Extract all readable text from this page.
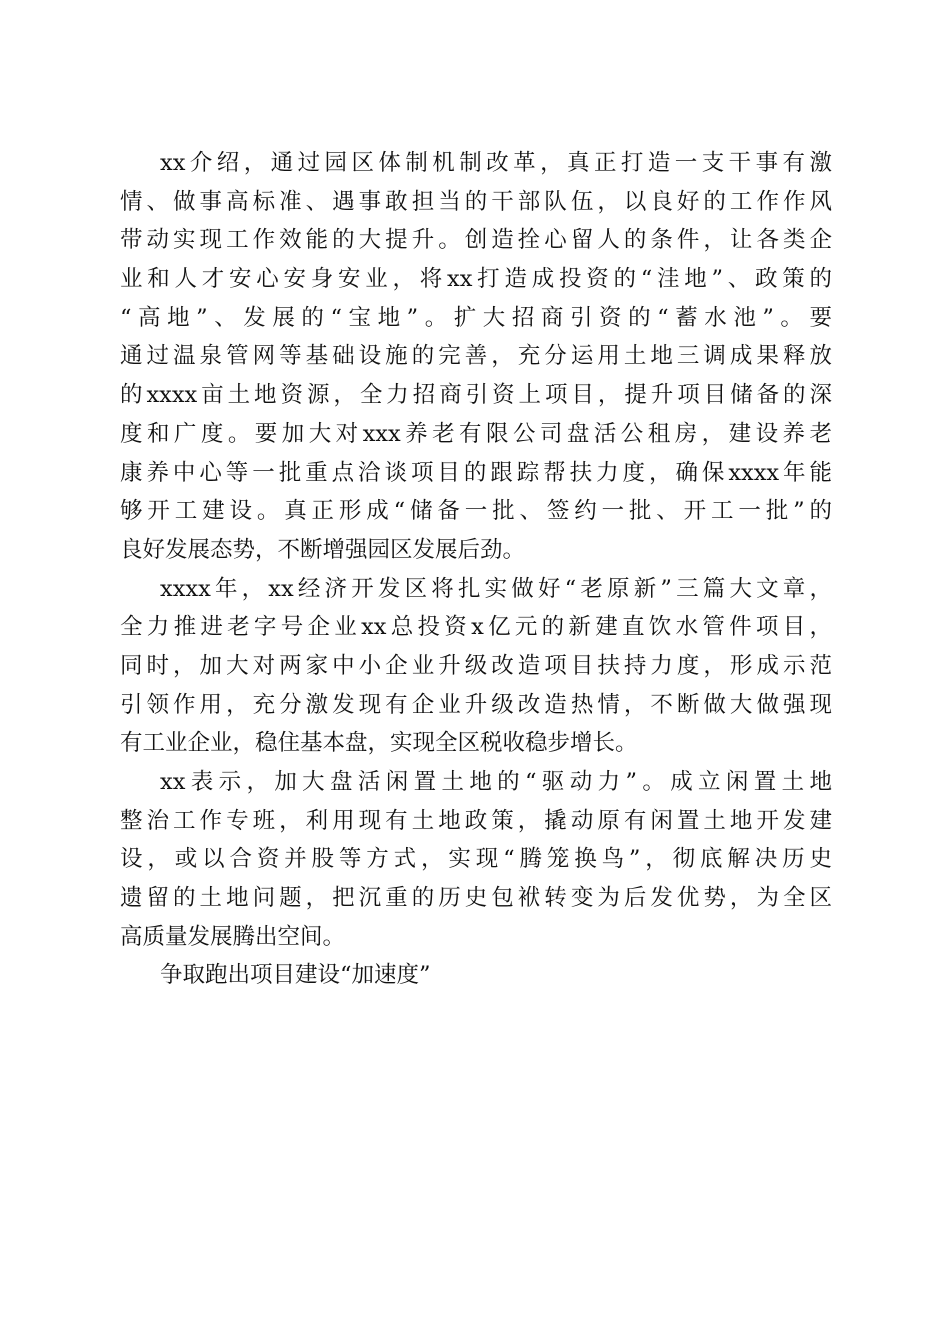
xx介绍，通过园区体制机制改革，真正打造一支干事有激
情、做事高标准、遇事敢担当的干部队伍，以良好的工作作风
带动实现工作效能的大提升。创造拴心留人的条件，让各类企
业和人才安心安身安业，将xx打造成投资的“洼地”、政策的
“高地”、发展的“宝地”。扩大招商引资的“蓄水池”。要
通过温泉管网等基础设施的完善，充分运用土地三调成果释放
的xxxx亩土地资源，全力招商引资上项目，提升项目储备的深
度和广度。要加大对xxx养老有限公司盘活公租房，建设养老
康养中心等一批重点洽谈项目的跟踪帮扶力度，确保xxxx年能
够开工建设。真正形成“储备一批、签约一批、开工一批”的
良好发展态势，不断增强园区发展后劲。
xxxx年，xx经济开发区将扎实做好“老原新”三篇大文章，
全力推进老字号企业xx总投资x亿元的新建直饮水管件项目，
同时，加大对两家中小企业升级改造项目扶持力度，形成示范
引领作用，充分激发现有企业升级改造热情，不断做大做强现
有工业企业，稳住基本盘，实现全区税收稳步增长。
xx表示，加大盘活闲置土地的“驱动力”。成立闲置土地
整治工作专班，利用现有土地政策，撬动原有闲置土地开发建
设，或以合资并股等方式，实现“腾笼换鸟”，彻底解决历史
遗留的土地问题，把沉重的历史包袱转变为后发优势，为全区
高质量发展腾出空间。
争取跑出项目建设“加速度”
